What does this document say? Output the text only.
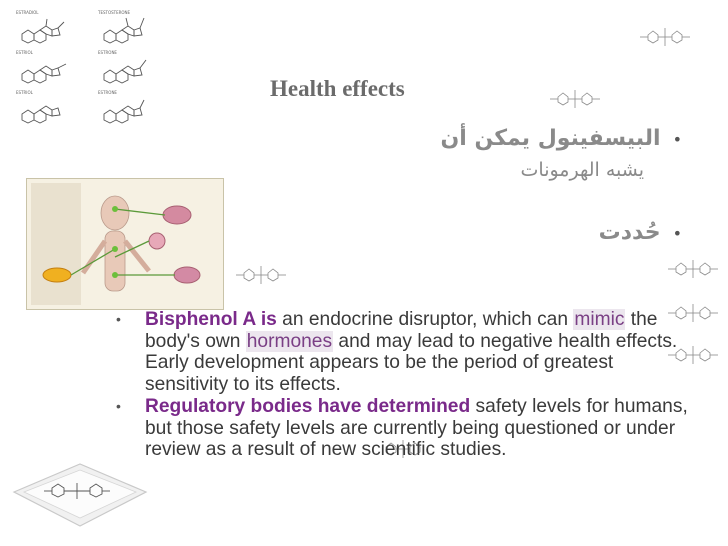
ESTRADIOL	TESTOSTERONE
ESTRIOL	ESTRONE
ESTRIOL	ESTRONE	Health effects
•البيسفينول يمكن أن
يشبه الهرمونات
•حُددت
• Bisphenol A is an endocrine disruptor, which can mimic the body's own hormones and may lead to negative health effects. Early development appears to be the period of greatest sensitivity to its effects.
• Regulatory bodies have determined safety levels for humans, but those safety levels are currently being questioned or under review as a result of new scientific studies.
